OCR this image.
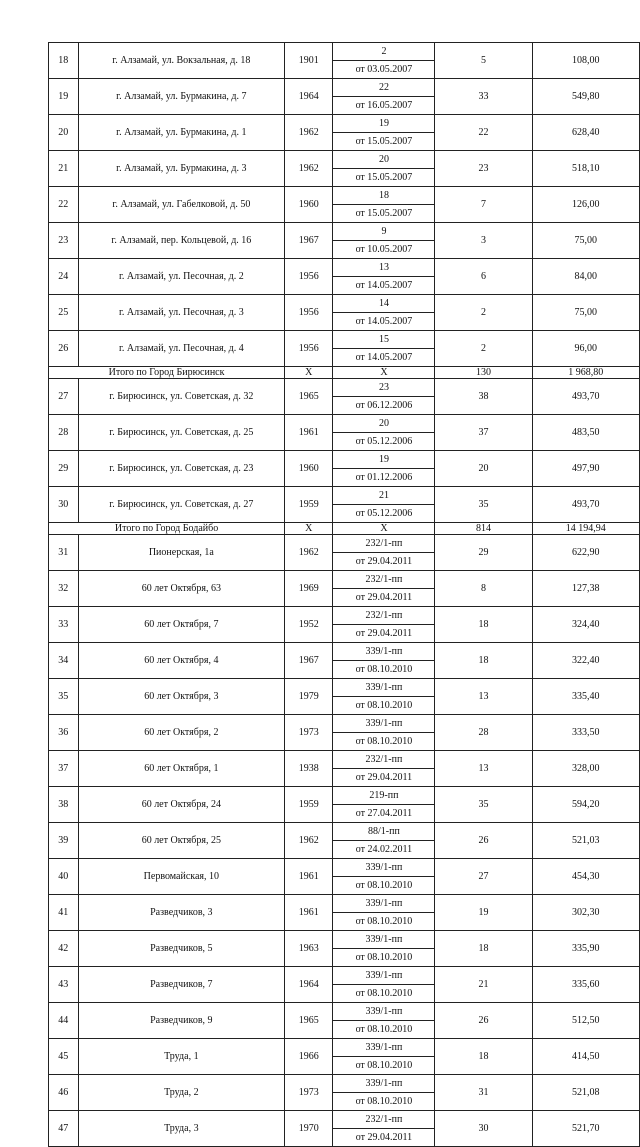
18	г. Алзамай, ул. Вокзальная, д. 18	1901	2	5	108,00
			от 03.05.2007		
19	г. Алзамай, ул. Бурмакина, д. 7	1964	22	33	549,80
			от 16.05.2007		
20	г. Алзамай, ул. Бурмакина, д. 1	1962	19	22	628,40
			от 15.05.2007		
21	г. Алзамай, ул. Бурмакина, д. 3	1962	20	23	518,10
			от 15.05.2007		
22	г. Алзамай, ул. Габелковой, д. 50	1960	18	7	126,00
			от 15.05.2007		
23	г. Алзамай, пер. Кольцевой, д. 16	1967	9	3	75,00
			от 10.05.2007		
24	г. Алзамай, ул. Песочная, д. 2	1956	13	6	84,00
			от 14.05.2007		
25	г. Алзамай, ул. Песочная, д. 3	1956	14	2	75,00
			от 14.05.2007		
26	г. Алзамай, ул. Песочная, д. 4	1956	15	2	96,00
			от 14.05.2007		
Итого по Город Бирюсинск		X	X	130	1 968,80
27	г. Бирюсинск, ул. Советская, д. 32	1965	23	38	493,70
			от 06.12.2006		
28	г. Бирюсинск, ул. Советская, д. 25	1961	20	37	483,50
			от 05.12.2006		
29	г. Бирюсинск, ул. Советская, д. 23	1960	19	20	497,90
			от 01.12.2006		
30	г. Бирюсинск, ул. Советская, д. 27	1959	21	35	493,70
			от 05.12.2006		
Итого по Город Бодайбо		X	X	814	14 194,94
31	Пионерская, 1а	1962	232/1-пп	29	622,90
			от 29.04.2011		
32	60 лет Октября, 63	1969	232/1-пп	8	127,38
			от 29.04.2011		
33	60 лет Октября, 7	1952	232/1-пп	18	324,40
			от 29.04.2011		
34	60 лет Октября, 4	1967	339/1-пп	18	322,40
			от 08.10.2010		
35	60 лет Октября, 3	1979	339/1-пп	13	335,40
			от 08.10.2010		
36	60 лет Октября, 2	1973	339/1-пп	28	333,50
			от 08.10.2010		
37	60 лет Октября, 1	1938	232/1-пп	13	328,00
			от 29.04.2011		
38	60 лет Октября, 24	1959	219-пп	35	594,20
			от 27.04.2011		
39	60 лет Октября, 25	1962	88/1-пп	26	521,03
			от 24.02.2011		
40	Первомайская, 10	1961	339/1-пп	27	454,30
			от 08.10.2010		
41	Разведчиков, 3	1961	339/1-пп	19	302,30
			от 08.10.2010		
42	Разведчиков, 5	1963	339/1-пп	18	335,90
			от 08.10.2010		
43	Разведчиков, 7	1964	339/1-пп	21	335,60
			от 08.10.2010		
44	Разведчиков, 9	1965	339/1-пп	26	512,50
			от 08.10.2010		
45	Труда, 1	1966	339/1-пп	18	414,50
			от 08.10.2010		
46	Труда, 2	1973	339/1-пп	31	521,08
			от 08.10.2010		
47	Труда, 3	1970	232/1-пп	30	521,70
			от 29.04.2011		
